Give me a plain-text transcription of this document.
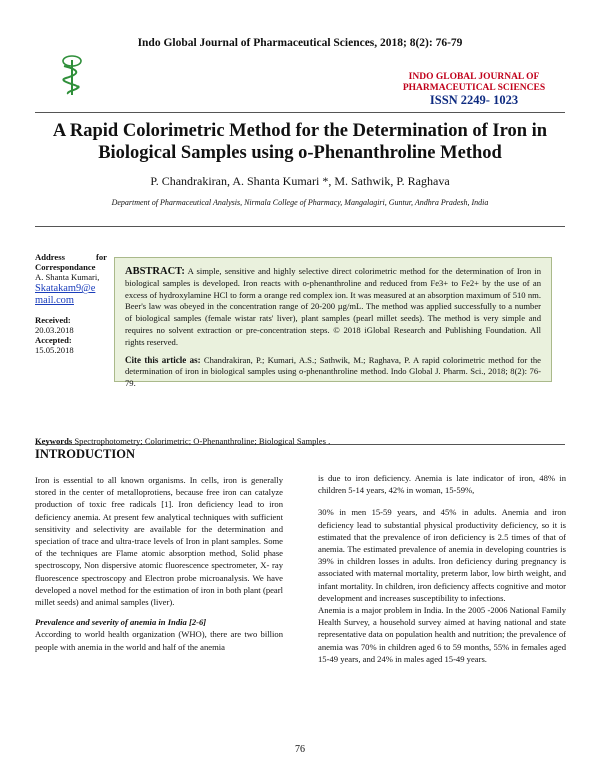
Indo Global Journal of Pharmaceutical Sciences, 2018; 8(2): 76-79
INDO GLOBAL JOURNAL OF
PHARMACEUTICAL SCIENCES
ISSN 2249- 1023
A Rapid Colorimetric Method for the Determination of Iron in
Biological Samples using o-Phenanthroline Method
P. Chandrakiran, A. Shanta Kumari *, M. Sathwik, P. Raghava
Department of Pharmaceutical Analysis, Nirmala College of Pharmacy, Mangalagiri, Guntur, Andhra Pradesh, India
Address	for
Correspondance
A. Shanta Kumari,
Skatakam9@e
mail.com
Received:
20.03.2018
Accepted:
15.05.2018
ABSTRACT: A simple, sensitive and highly selective direct colorimetric method for the determination of Iron in biological samples is developed. Iron reacts with o-phenanthroline and reduced from Fe3+ to Fe2+ by the use of an excess of hydroxylamine HCl to form a orange red complex ion. It was measured at an absorption maximum of 510 nm. Beer's law was obeyed in the concentration range of 20-200 µg/mL. The method was applied successfully to a number of biological samples (female wistar rats' liver), plant samples (pearl millet seeds). The method is very simple and requires no solvent extraction or pre-concentration steps. © 2018 iGlobal Research and Publishing Foundation. All rights reserved.
Cite this article as: Chandrakiran, P.; Kumari, A.S.; Sathwik, M.; Raghava, P. A rapid colorimetric method for the determination of iron in biological samples using o-phenanthroline method. Indo Global J. Pharm. Sci., 2018; 8(2): 76-79.
Keywords Spectrophotometry; Colorimetric; O-Phenanthroline; Biological Samples .
INTRODUCTION

Iron is essential to all known organisms. In cells, iron is generally stored in the center of metalloprotiens, because free iron can catalyze production of toxic free radicals [1]. Iron deficiency lead to iron deficiency anemia. At present few analytical techniques with sufficient sensitivity and selectivity are available for the determination and speciation of trace and ultra-trace levels of Iron in plant samples. Some of the techniques are Flame atomic absorption method, Solid phase spectroscopy, Non dispersive atomic fluorescence spectrometer, X- ray fluorescence spectroscopy and Electron probe microanalysis. We have developed a novel method for the estimation of iron in both plant (pearl millet seeds) and animal samples (liver).

Prevalence and severity of anemia in India [2-6]

According to world health organization (WHO), there are two billion people with anemia in the world and half of the anemia

is due to iron deficiency. Anemia is late indicator of iron, 48% in children 5-14 years, 42% in woman, 15-59%,

30% in men 15-59 years, and 45% in adults. Anemia and iron deficiency lead to substantial physical productivity deficiency, so it is estimated that the prevalence of iron deficiency is 2.5 times of that of anemia. The estimated prevalence of anemia in developing countries is 39% in children losses in adults. Iron deficiency during pregnancy is associated with maternal mortality, preterm labor, low birth weight, and infant mortality. In children, iron deficiency affects cognitive and motor development and increases susceptibility to infections.

Anemia is a major problem in India. In the 2005 -2006 National Family Health Survey, a household survey aimed at having national and state representative data on population health and nutrition; the prevalence of anemia was 70% in children aged 6 to 59 months, 55% in females aged 15-49 years, and 24% in males aged 15-49 years.

76
